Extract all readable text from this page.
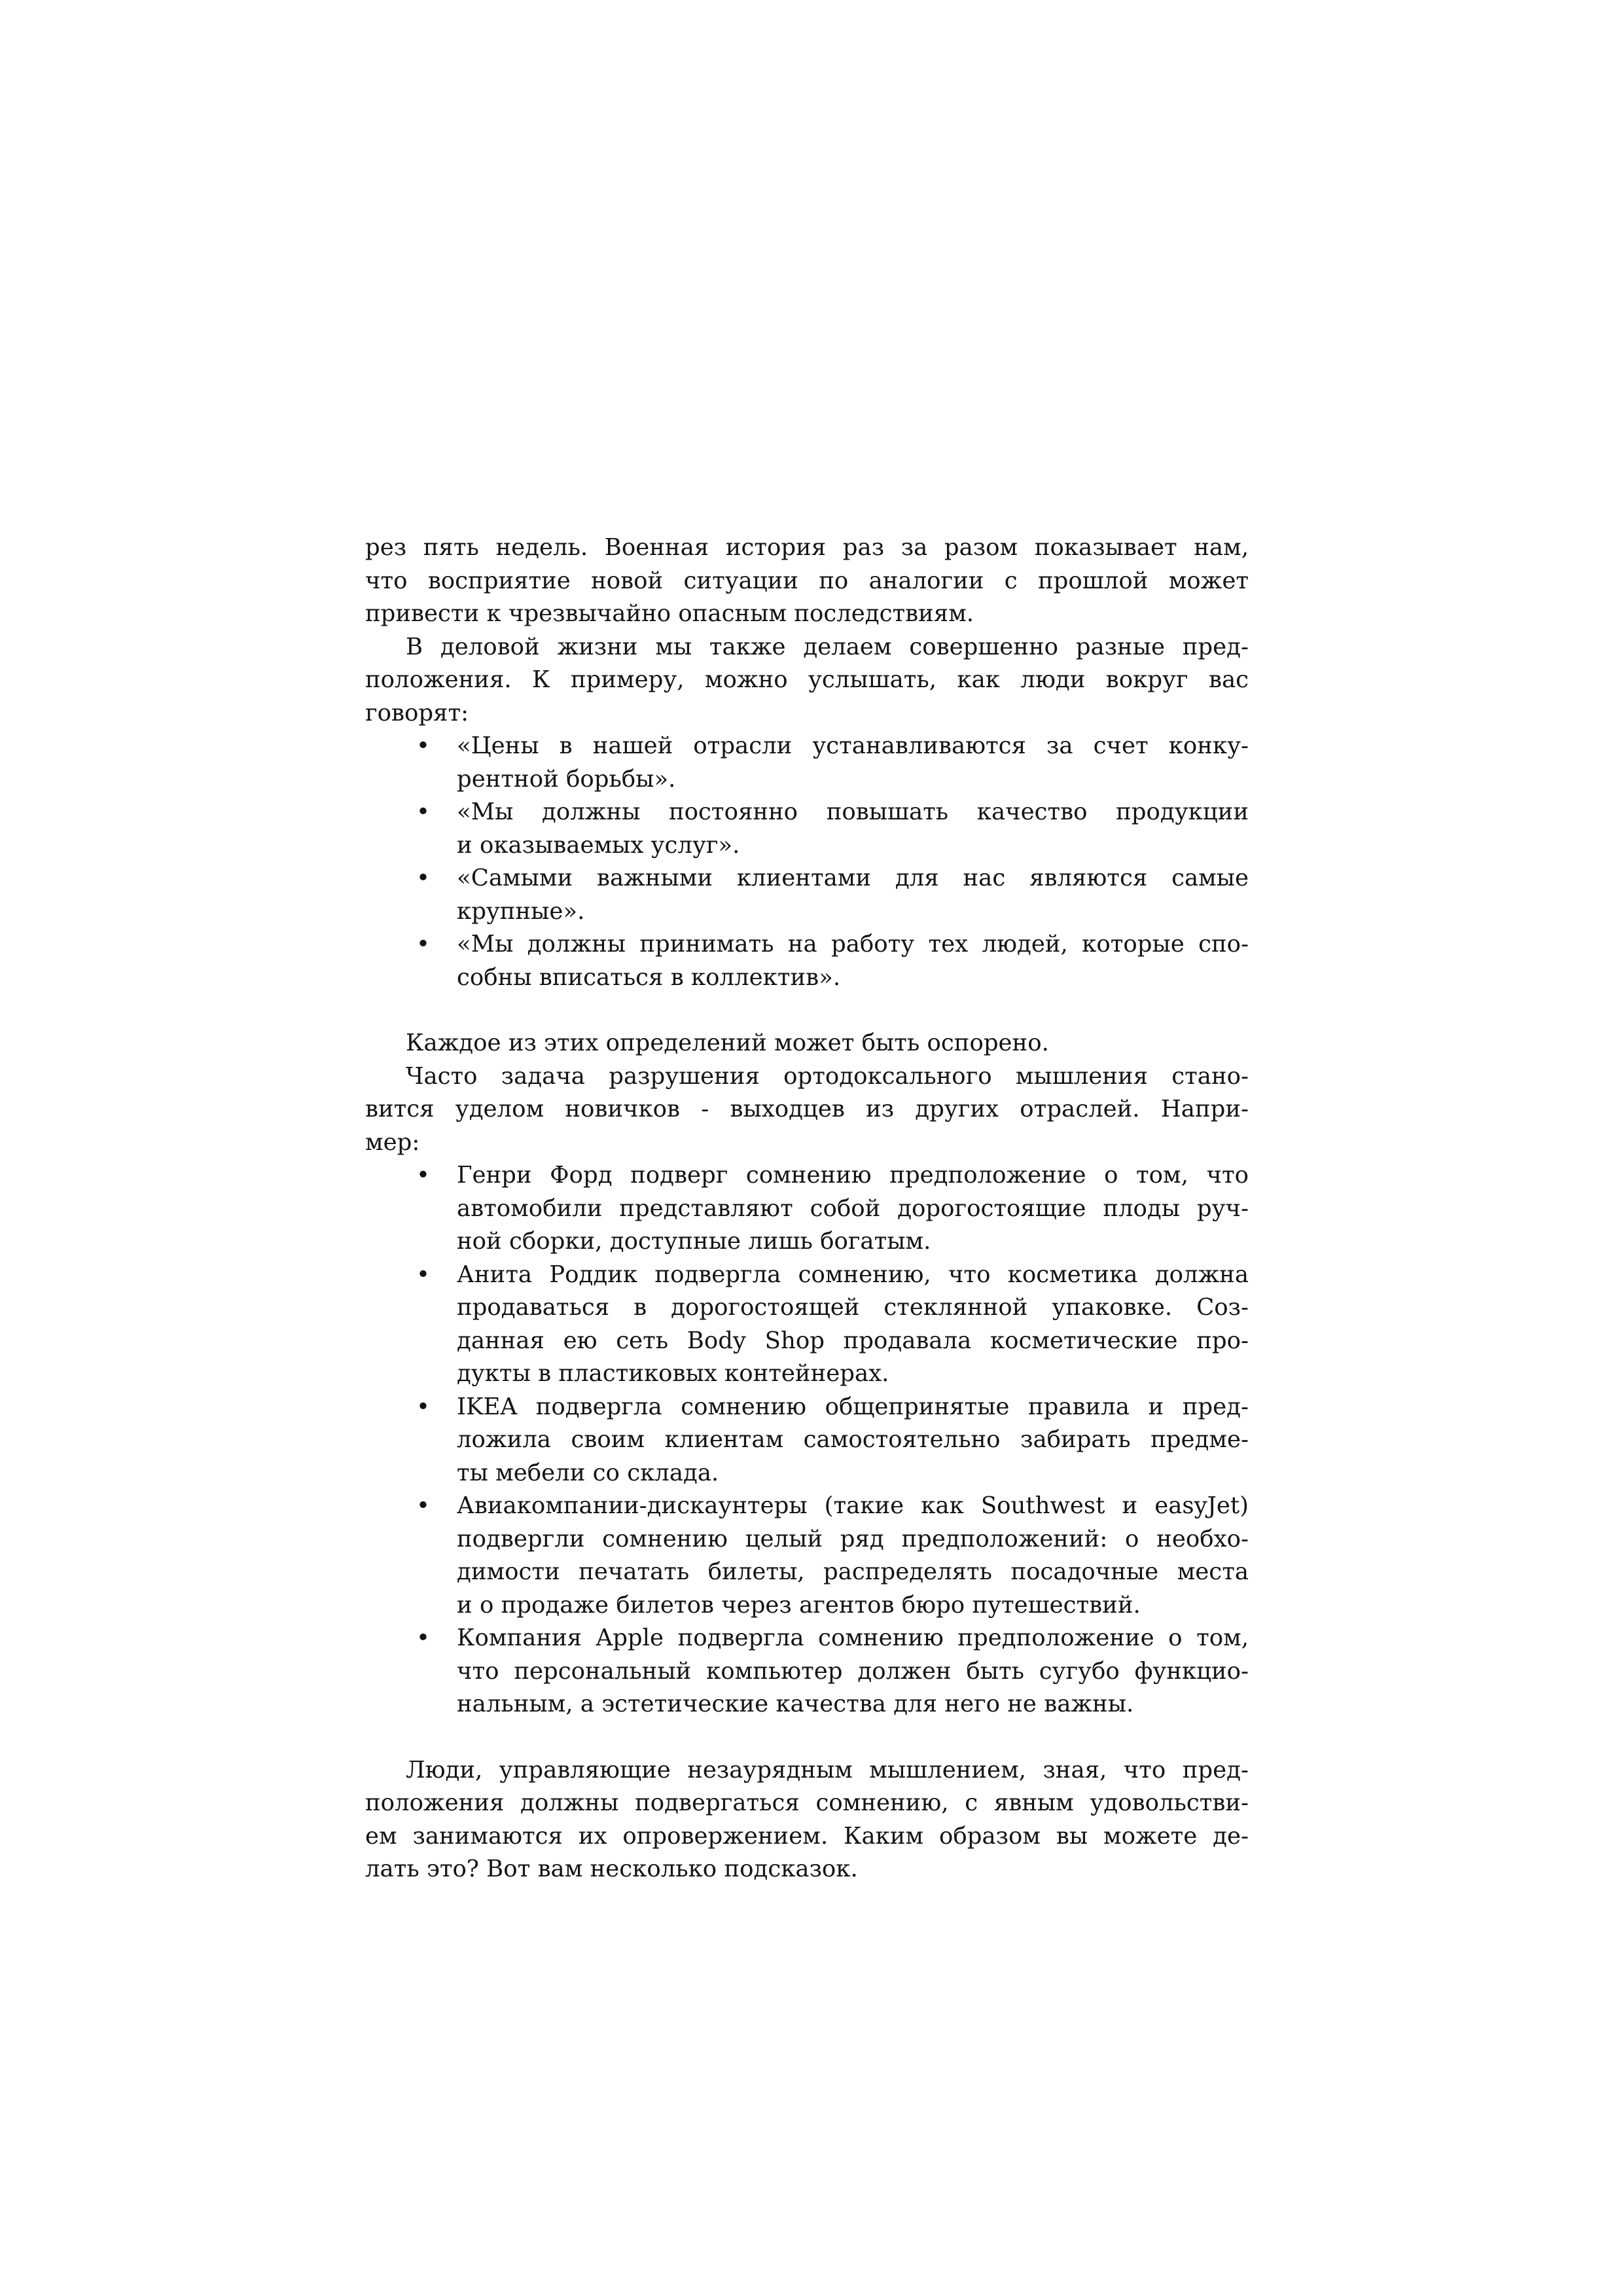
рез пять недель. Военная история раз за разом показывает нам,
что восприятие новой ситуации по аналогии с прошлой может
привести к чрезвычайно опасным последствиям.
В деловой жизни мы также делаем совершенно разные пред-
положения. К примеру, можно услышать, как люди вокруг вас
говорят:
• «Цены в нашей отрасли устанавливаются за счет конку-
рентной борьбы».
• «Мы должны постоянно повышать качество продукции
и оказываемых услуг».
• «Самыми важными клиентами для нас являются самые
крупные».
• «Мы должны принимать на работу тех людей, которые спо-
собны вписаться в коллектив».
Каждое из этих определений может быть оспорено.
Часто задача разрушения ортодоксального мышления стано-
вится уделом новичков - выходцев из других отраслей. Напри-
мер:
• Генри Форд подверг сомнению предположение о том, что
автомобили представляют собой дорогостоящие плоды руч-
ной сборки, доступные лишь богатым.
• Анита Роддик подвергла сомнению, что косметика должна
продаваться в дорогостоящей стеклянной упаковке. Соз-
данная ею сеть Body Shop продавала косметические про-
дукты в пластиковых контейнерах.
• IKEA подвергла сомнению общепринятые правила и пред-
ложила своим клиентам самостоятельно забирать предме-
ты мебели со склада.
• Авиакомпании-дискаунтеры (такие как Southwest и easyJet)
подвергли сомнению целый ряд предположений: о необхо-
димости печатать билеты, распределять посадочные места
и о продаже билетов через агентов бюро путешествий.
• Компания Apple подвергла сомнению предположение о том,
что персональный компьютер должен быть сугубо функцио-
нальным, а эстетические качества для него не важны.
Люди, управляющие незаурядным мышлением, зная, что пред-
положения должны подвергаться сомнению, с явным удовольстви-
ем занимаются их опровержением. Каким образом вы можете де-
лать это? Вот вам несколько подсказок.
